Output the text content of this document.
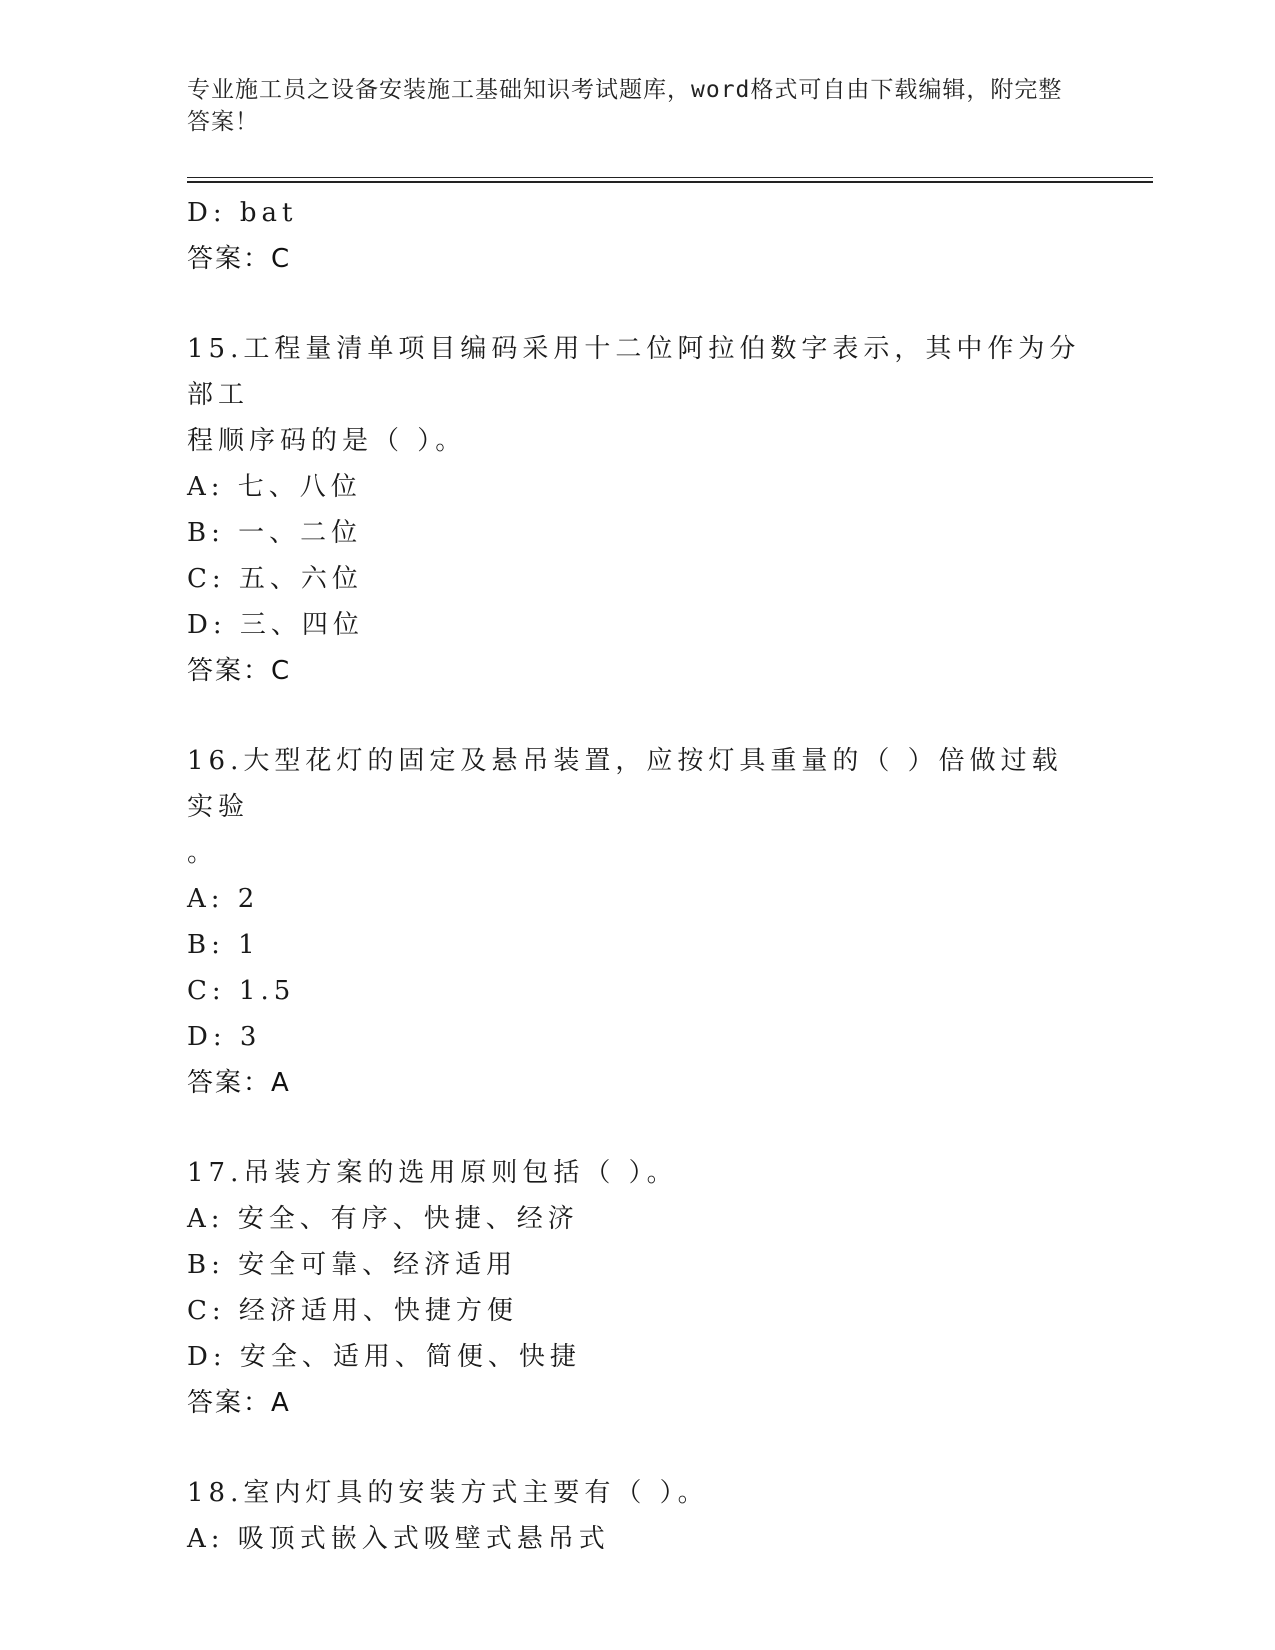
专业施工员之设备安装施工基础知识考试题库，word格式可自由下载编辑，附完整答案！
D: bat
答案：C
15.工程量清单项目编码采用十二位阿拉伯数字表示，其中作为分部工
程顺序码的是（ ）。
A: 七、八位
B: 一、二位
C: 五、六位
D: 三、四位
答案：C
16.大型花灯的固定及悬吊装置，应按灯具重量的（ ）倍做过载实验
。
A: 2
B: 1
C: 1.5
D: 3
答案：A
17.吊装方案的选用原则包括（ ）。
A: 安全、有序、快捷、经济
B: 安全可靠、经济适用
C: 经济适用、快捷方便
D: 安全、适用、简便、快捷
答案：A
18.室内灯具的安装方式主要有（ ）。
A: 吸顶式嵌入式吸壁式悬吊式
